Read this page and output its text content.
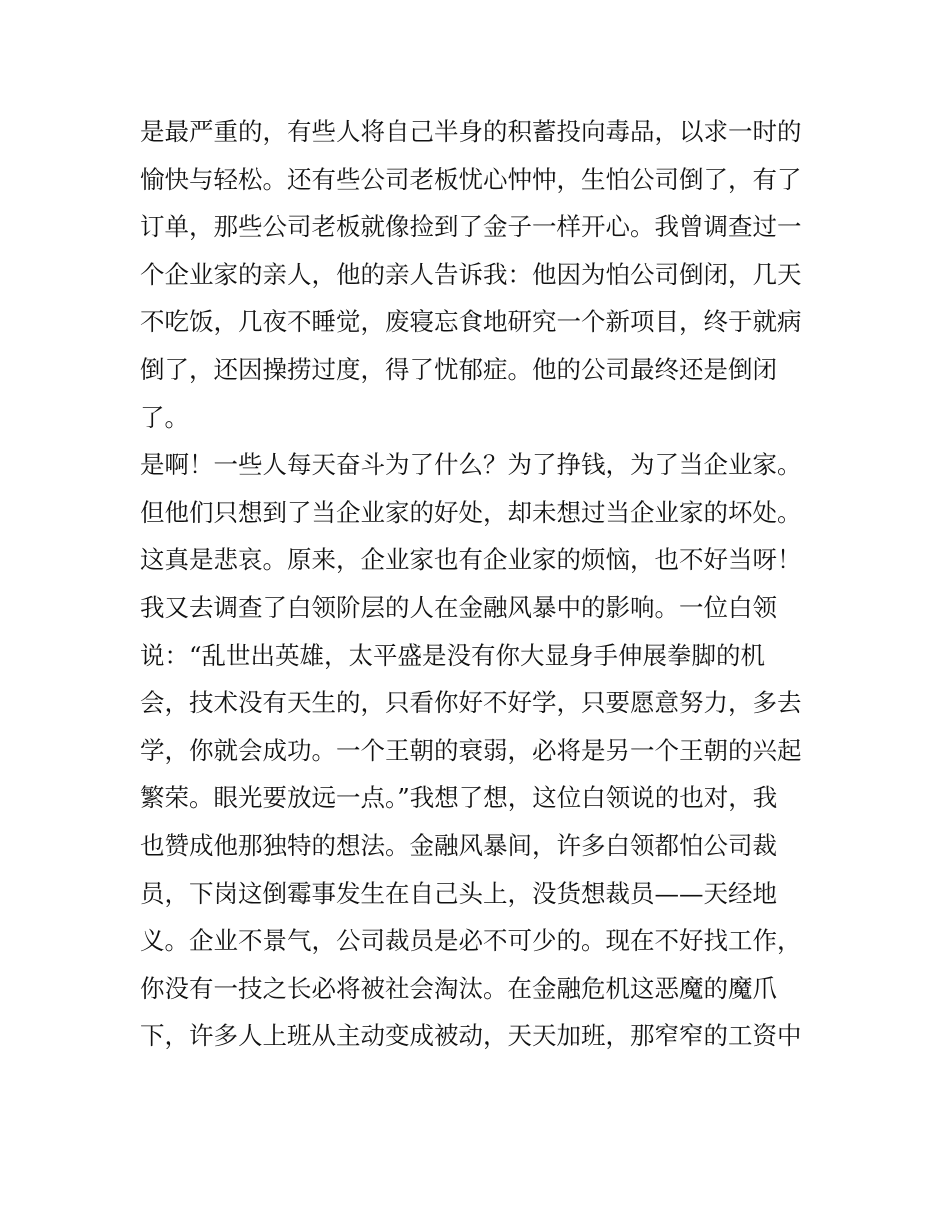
是最严重的，有些人将自己半身的积蓄投向毒品，以求一时的
愉快与轻松。还有些公司老板忧心忡忡，生怕公司倒了，有了
订单，那些公司老板就像捡到了金子一样开心。我曾调查过一
个企业家的亲人，他的亲人告诉我：他因为怕公司倒闭，几天
不吃饭，几夜不睡觉，废寝忘食地研究一个新项目，终于就病
倒了，还因操捞过度，得了忧郁症。他的公司最终还是倒闭
了。
是啊！一些人每天奋斗为了什么？为了挣钱，为了当企业家。
但他们只想到了当企业家的好处，却未想过当企业家的坏处。
这真是悲哀。原来，企业家也有企业家的烦恼，也不好当呀！
我又去调查了白领阶层的人在金融风暴中的影响。一位白领
说：“乱世出英雄，太平盛是没有你大显身手伸展拳脚的机
会，技术没有天生的，只看你好不好学，只要愿意努力，多去
学，你就会成功。一个王朝的衰弱，必将是另一个王朝的兴起
繁荣。眼光要放远一点。”我想了想，这位白领说的也对，我
也赞成他那独特的想法。金融风暴间，许多白领都怕公司裁
员，下岗这倒霉事发生在自己头上，没货想裁员——天经地
义。企业不景气，公司裁员是必不可少的。现在不好找工作，
你没有一技之长必将被社会淘汰。在金融危机这恶魔的魔爪
下，许多人上班从主动变成被动，天天加班，那窄窄的工资中
